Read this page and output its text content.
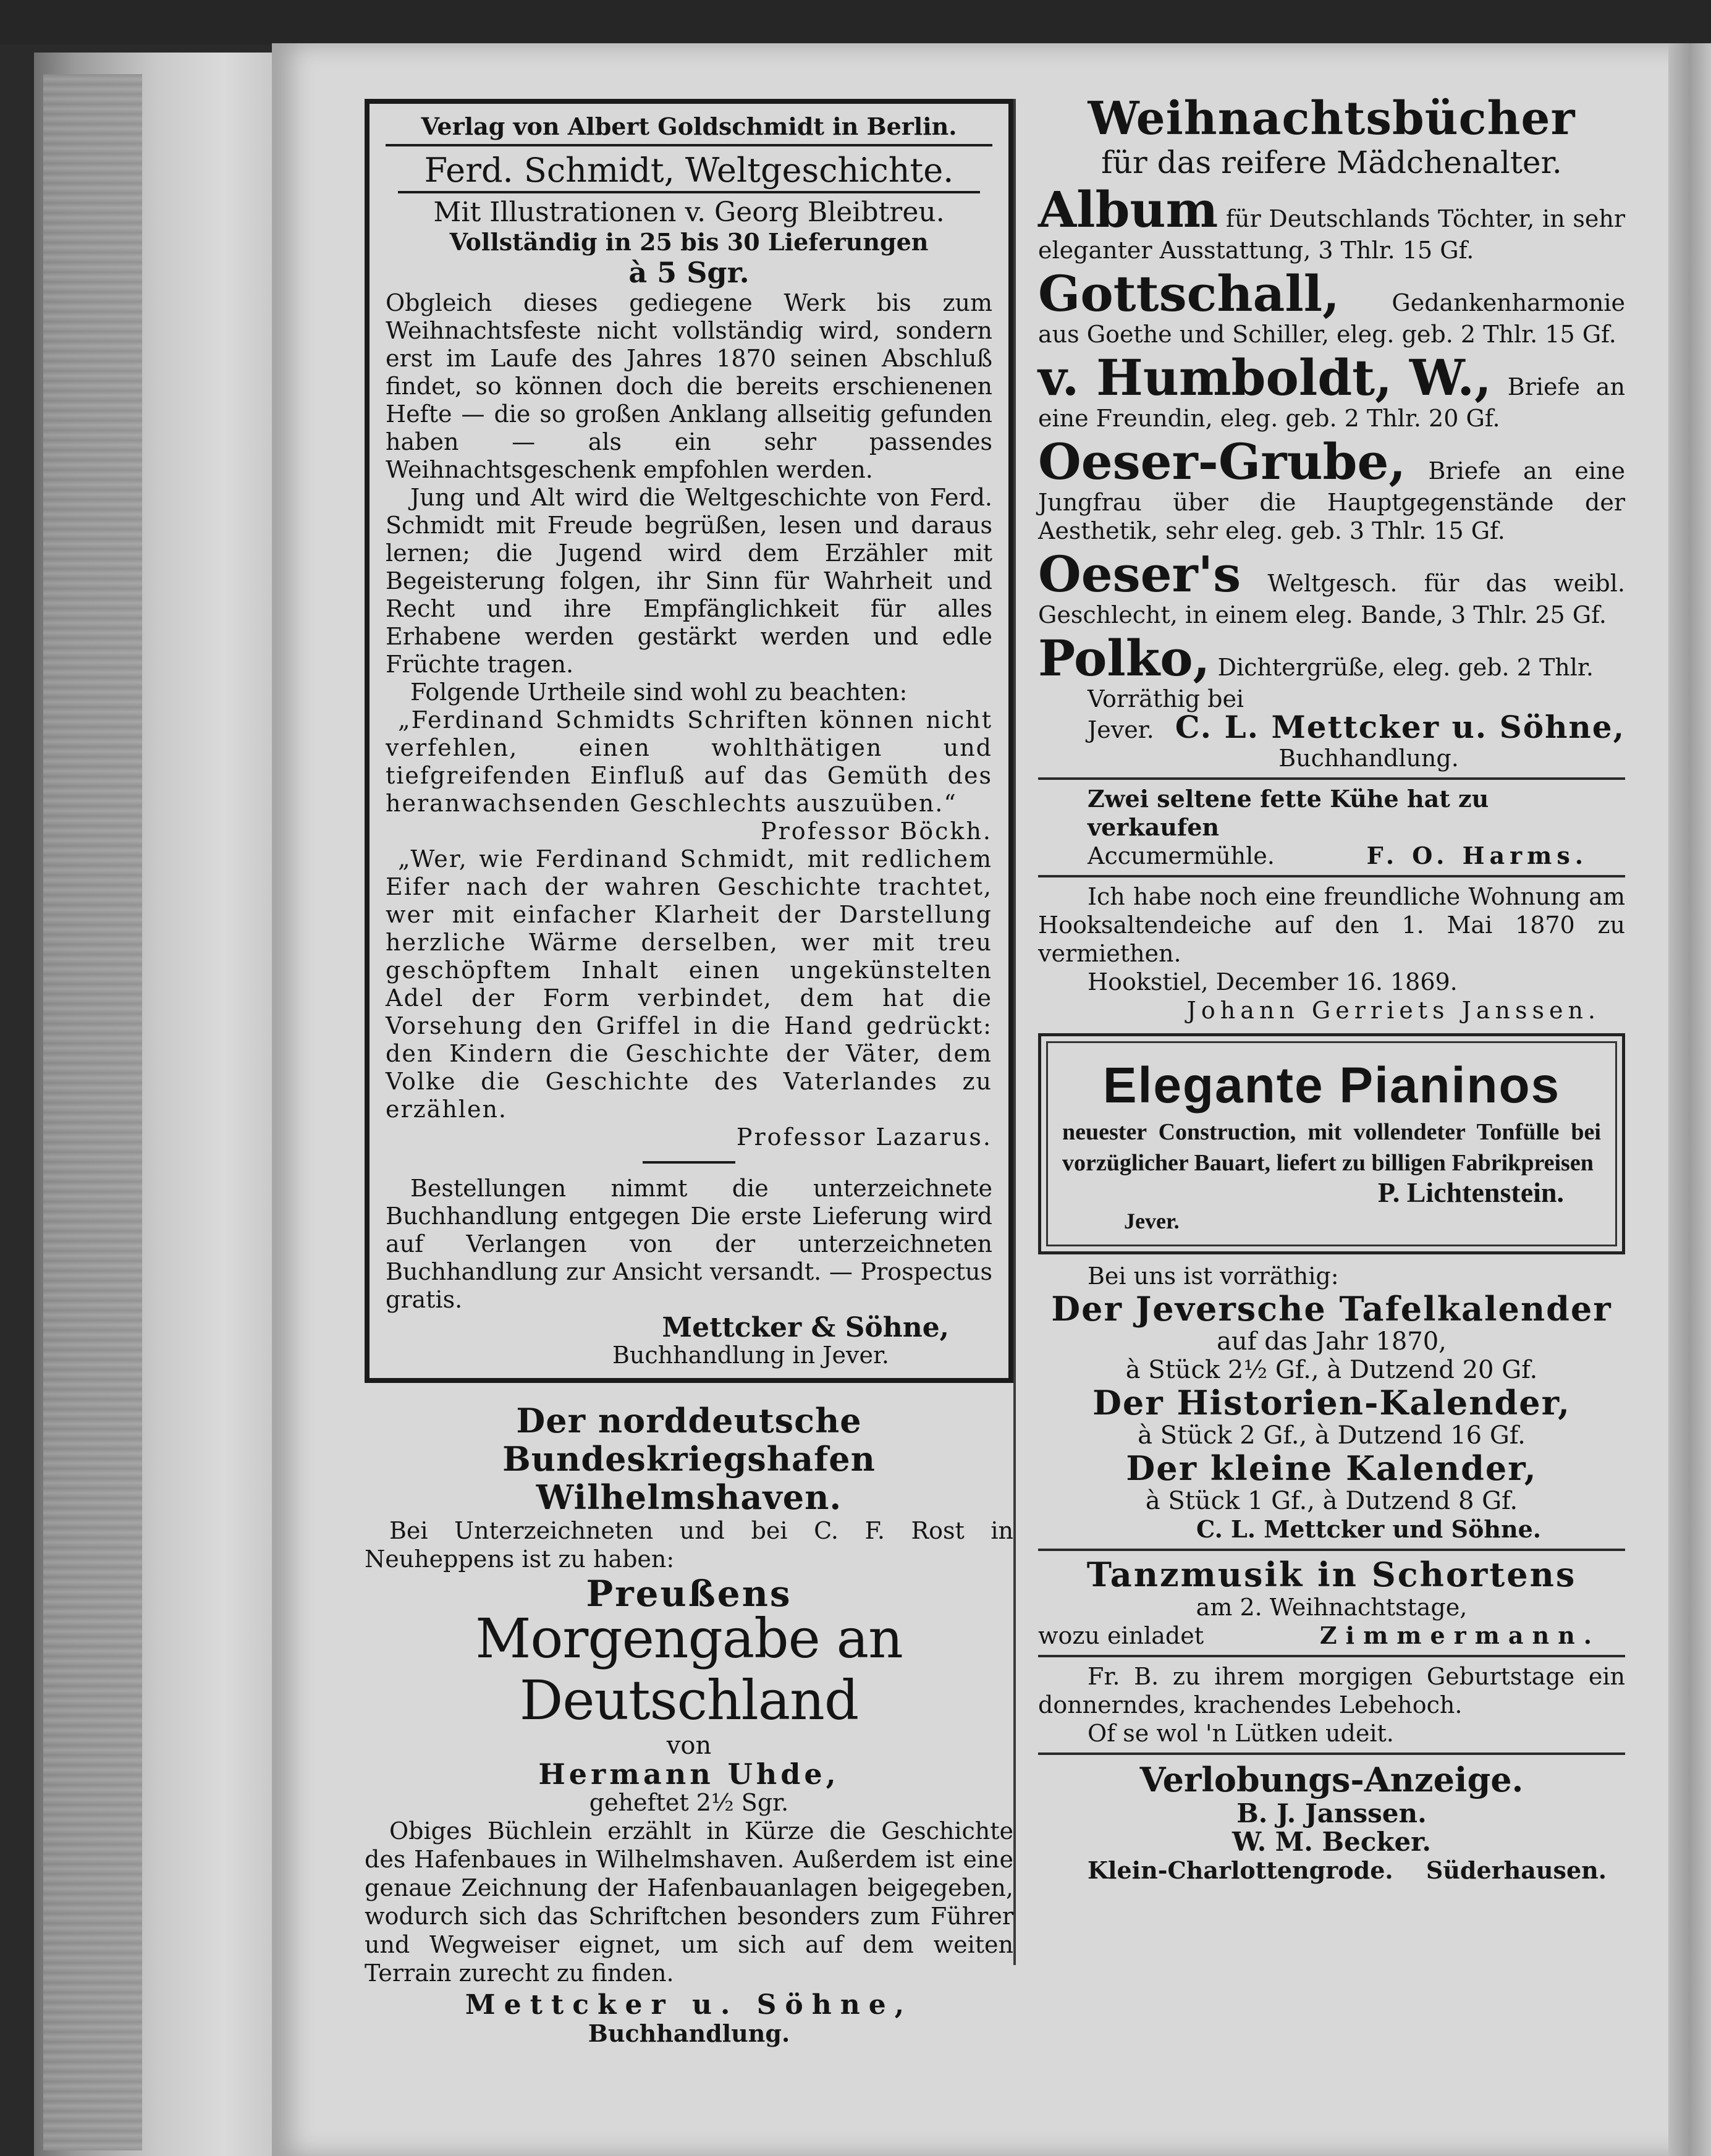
Verlag von Albert Goldschmidt in Berlin.
Ferd. Schmidt, Weltgeschichte.
Mit Illustrationen v. Georg Bleibtreu.
Vollständig in 25 bis 30 Lieferungen
à 5 Sgr.

Obgleich dieses gediegene Werk bis zum Weihnachtsfeste nicht vollständig wird, sondern erst im Laufe des Jahres 1870 seinen Abschluß findet, so können doch die bereits erschienenen Hefte — die so großen Anklang allseitig gefunden haben — als ein sehr passendes Weihnachtsgeschenk empfohlen werden.

Jung und Alt wird die Weltgeschichte von Ferd. Schmidt mit Freude begrüßen, lesen und daraus lernen; die Jugend wird dem Erzähler mit Begeisterung folgen, ihr Sinn für Wahrheit und Recht und ihre Empfänglichkeit für alles Erhabene werden gestärkt werden und edle Früchte tragen.

Folgende Urtheile sind wohl zu beachten:

„Ferdinand Schmidts Schriften können nicht verfehlen, einen wohlthätigen und tiefgreifenden Einfluß auf das Gemüth des heranwachsenden Geschlechts auszuüben.“

Professor Böckh.

„Wer, wie Ferdinand Schmidt, mit redlichem Eifer nach der wahren Geschichte trachtet, wer mit einfacher Klarheit der Darstellung herzliche Wärme derselben, wer mit treu geschöpftem Inhalt einen ungekünstelten Adel der Form verbindet, dem hat die Vorsehung den Griffel in die Hand gedrückt: den Kindern die Geschichte der Väter, dem Volke die Geschichte des Vaterlandes zu erzählen.

Professor Lazarus.

Bestellungen nimmt die unterzeichnete Buchhandlung entgegen Die erste Lieferung wird auf Verlangen von der unterzeichneten Buchhandlung zur Ansicht versandt. — Prospectus gratis.

Mettcker & Söhne,
Buchhandlung in Jever.
Der norddeutsche Bundeskriegshafen Wilhelmshaven.
Bei Unterzeichneten und bei C. F. Rost in Neuheppens ist zu haben:
Preußens
Morgengabe an Deutschland
von
Hermann Uhde,
geheftet 2½ Sgr.
Obiges Büchlein erzählt in Kürze die Geschichte des Hafenbaues in Wilhelmshaven. Außerdem ist eine genaue Zeichnung der Hafenbauanlagen beigegeben, wodurch sich das Schriftchen besonders zum Führer und Wegweiser eignet, um sich auf dem weiten Terrain zurecht zu finden.
Mettcker u. Söhne,
Buchhandlung.
Weihnachtsbücher
für das reifere Mädchenalter.
Album für Deutschlands Töchter, in sehr eleganter Ausstattung, 3 Thlr. 15 Gf.
Gottschall, Gedankenharmonie aus Goethe und Schiller, eleg. geb. 2 Thlr. 15 Gf.
v. Humboldt, W., Briefe an eine Freundin, eleg. geb. 2 Thlr. 20 Gf.
Oeser-Grube, Briefe an eine Jungfrau über die Hauptgegenstände der Aesthetik, sehr eleg. geb. 3 Thlr. 15 Gf.
Oeser's Weltgesch. für das weibl. Geschlecht, in einem eleg. Bande, 3 Thlr. 25 Gf.
Polko, Dichtergrüße, eleg. geb. 2 Thlr.
Vorräthig bei
Jever. C. L. Mettcker u. Söhne,
Buchhandlung.
Zwei seltene fette Kühe hat zu verkaufen
Accumermühle.	F. O. Harms.
Ich habe noch eine freundliche Wohnung am Hooksaltendeiche auf den 1. Mai 1870 zu vermiethen.
Hookstiel, December 16. 1869.
Johann Gerriets Janssen.
Elegante Pianinos
neuester Construction, mit vollendeter Tonfülle bei vorzüglicher Bauart, liefert zu billigen Fabrikpreisen
P. Lichtenstein.
Jever.
Bei uns ist vorräthig:
Der Jeversche Tafelkalender
auf das Jahr 1870,
à Stück 2½ Gf., à Dutzend 20 Gf.
Der Historien-Kalender,
à Stück 2 Gf., à Dutzend 16 Gf.
Der kleine Kalender,
à Stück 1 Gf., à Dutzend 8 Gf.
C. L. Mettcker und Söhne.
Tanzmusik in Schortens
am 2. Weihnachtstage,
wozu einladet	Zimmermann.
Fr. B. zu ihrem morgigen Geburtstage ein donnerndes, krachendes Lebehoch.
Of se wol 'n Lütken udeit.
Verlobungs-Anzeige.
B. J. Janssen.
W. M. Becker.
Klein-Charlottengrode. Süderhausen.
